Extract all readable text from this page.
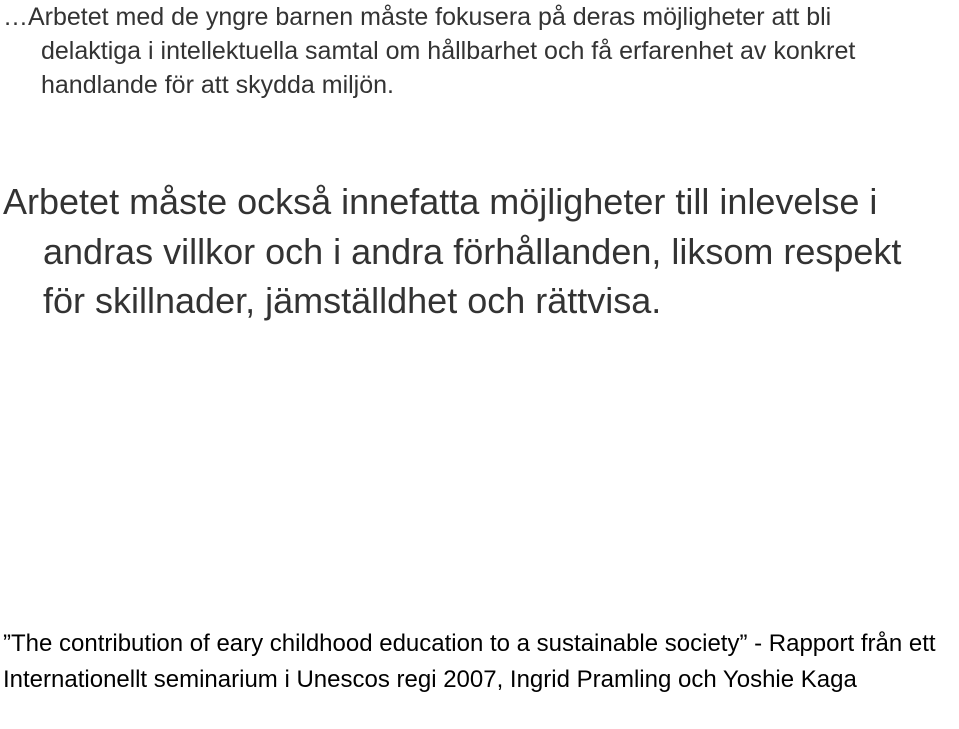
…Arbetet med de yngre barnen måste fokusera på deras möjligheter att bli delaktiga i intellektuella samtal om hållbarhet och få erfarenhet av konkret handlande för att skydda miljön.

Arbetet måste också innefatta möjligheter till inlevelse i andras villkor och i andra förhållanden, liksom respekt för skillnader, jämställdhet och rättvisa.

”The contribution of eary childhood education to a sustainable society” - Rapport från ett Internationellt seminarium i Unescos regi 2007, Ingrid Pramling och Yoshie Kaga
